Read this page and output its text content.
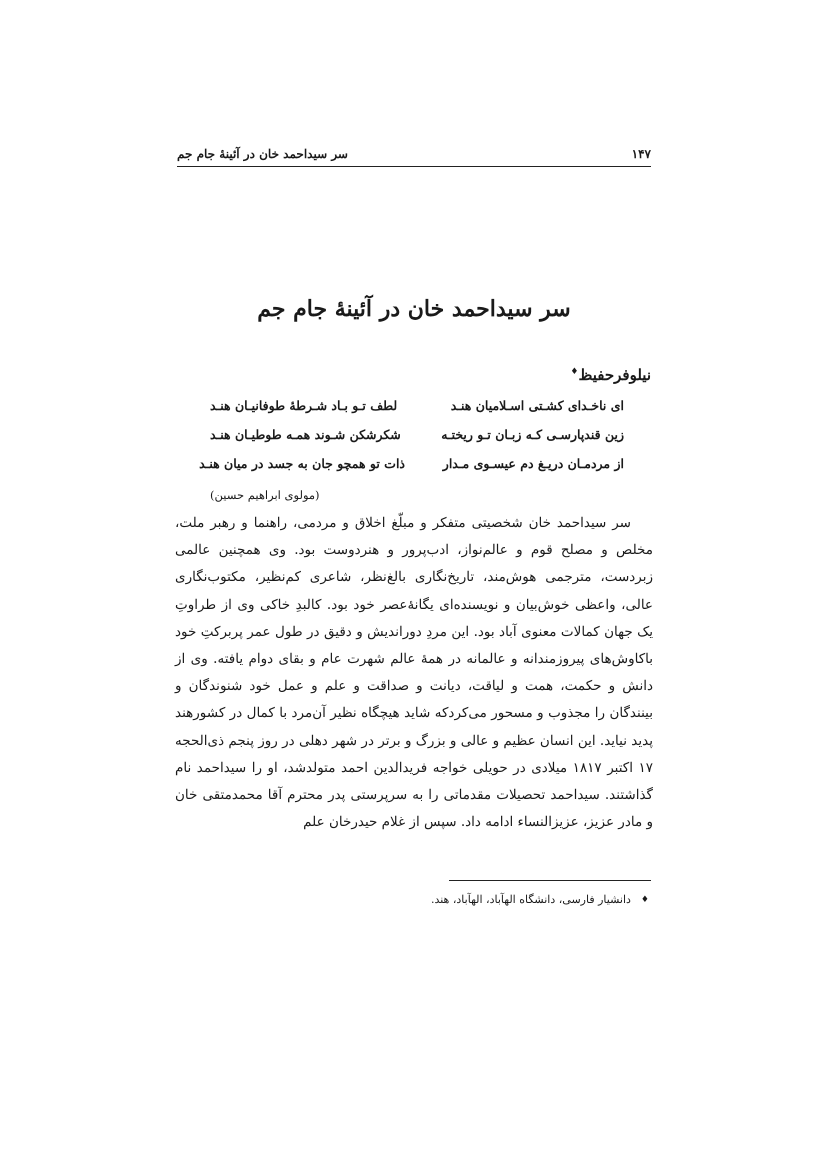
۱۴۷
سر سیداحمد خان در آئینهٔ جام جم
سر سیداحمد خان در آئینهٔ جام جم
نیلوفرحفیظ♦
ای ناخـدای کشـتی اسـلامیان هنـد
لطف تـو بـاد شـرطهٔ طوفانیـان هنـد
زین قندپارسـی کـه زبـان تـو ریختـه
شکرشکن شـوند همـه طوطیـان هنـد
از مردمـان دریـغ دم عیسـوی مـدار
ذات تو همچو جان به جسد در میان هنـد
(مولوی ابراهیم حسین)

سر سیداحمد خان شخصیتی متفکر و مبلّغ اخلاق و مردمی، راهنما و رهبر ملت، مخلص و مصلح قوم و عالم‌نواز، ادب‌پرور و هنردوست بود. وی همچنین عالمی زبردست، مترجمی هوش‌مند، تاریخ‌نگاری بالغ‌نظر، شاعری کم‌نظیر، مکتوب‌نگاری عالی، واعظی خوش‌بیان و نویسنده‌ای یگانهٔ‌عصر خود بود. کالبدِ خاکی وی از طراوتِ یک جهان کمالات معنوی آباد بود. این مردِ دورانديش و دقیق در طول عمر پربرکتِ خود باکاوش‌های پیروزمندانه و عالمانه در همهٔ عالم شهرت عام و بقای دوام یافته. وی از دانش و حکمت، همت و لیاقت، دیانت و صداقت و علم و عمل خود شنوندگان و بینندگان را مجذوب و مسحور می‌کردکه شاید هیچگاه نظیر آن‌مرد با کمال در کشورهند پدید نیاید. این انسان عظیم و عالی و بزرگ و برتر در شهر دهلی در روز پنجم ذی‌الحجه ۱۷ اکتبر ۱۸۱۷ میلادی در حویلی خواجه فریدالدین احمد متولدشد، او را سیداحمد نام گذاشتند. سیداحمد تحصیلات مقدماتی را به سرپرستی پدر محترم آقا محمدمتقی خان و مادر عزیز، عزیزالنساء ادامه داد. سپس از غلام حیدرخان علم

♦
دانشیار فارسی، دانشگاه الهآباد، الهآباد، هند.
